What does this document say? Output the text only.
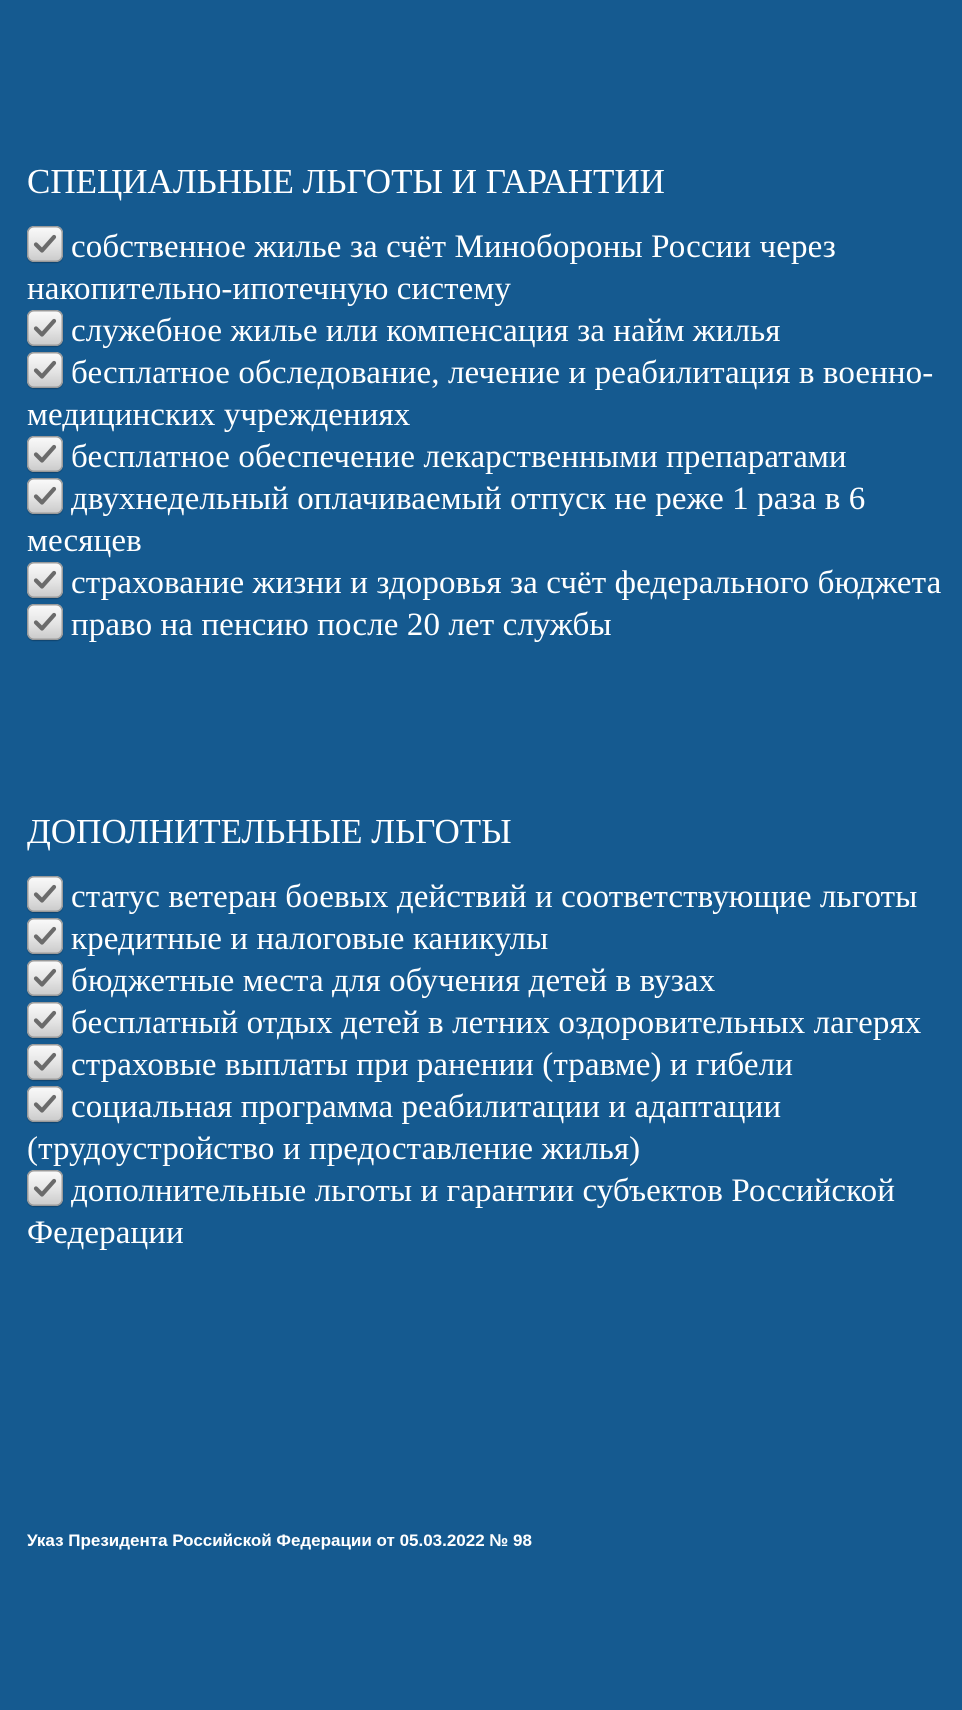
СПЕЦИАЛЬНЫЕ ЛЬГОТЫ И ГАРАНТИИ
собственное жилье за счёт Минобороны России через накопительно-ипотечную систему
служебное жилье или компенсация за найм жилья
бесплатное обследование, лечение и реабилитация в военно-медицинских учреждениях
бесплатное обеспечение лекарственными препаратами
двухнедельный оплачиваемый отпуск не реже 1 раза в 6 месяцев
страхование жизни и здоровья за счёт федерального бюджета
право на пенсию после 20 лет службы
ДОПОЛНИТЕЛЬНЫЕ ЛЬГОТЫ
статус ветеран боевых действий и соответствующие льготы
кредитные и налоговые каникулы
бюджетные места для обучения детей в вузах
бесплатный отдых детей в летних оздоровительных лагерях
страховые выплаты при ранении (травме) и гибели
социальная программа реабилитации и адаптации (трудоустройство и предоставление жилья)
дополнительные льготы и гарантии субъектов Российской Федерации
Указ Президента Российской Федерации от 05.03.2022 № 98
